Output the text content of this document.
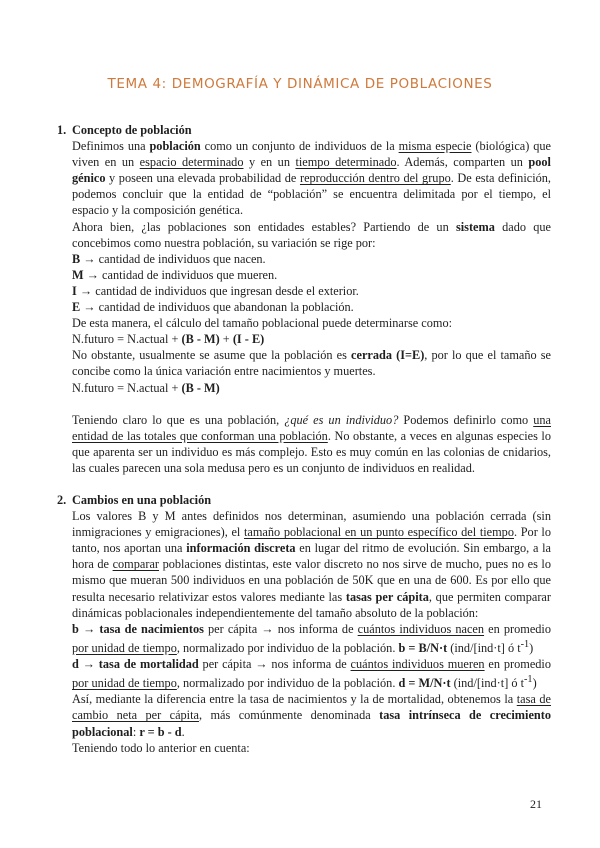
TEMA 4: DEMOGRAFÍA Y DINÁMICA DE POBLACIONES
1. Concepto de población

Definimos una población como un conjunto de individuos de la misma especie (biológica) que viven en un espacio determinado y en un tiempo determinado. Además, comparten un pool génico y poseen una elevada probabilidad de reproducción dentro del grupo. De esta definición, podemos concluir que la entidad de “población” se encuentra delimitada por el tiempo, el espacio y la composición genética.

Ahora bien, ¿las poblaciones son entidades estables? Partiendo de un sistema dado que concebimos como nuestra población, su variación se rige por:

B → cantidad de individuos que nacen.

M → cantidad de individuos que mueren.

I → cantidad de individuos que ingresan desde el exterior.

E → cantidad de individuos que abandonan la población.

De esta manera, el cálculo del tamaño poblacional puede determinarse como:

N.futuro = N.actual + (B - M) + (I - E)

No obstante, usualmente se asume que la población es cerrada (I=E), por lo que el tamaño se concibe como la única variación entre nacimientos y muertes.

N.futuro = N.actual + (B - M)

Teniendo claro lo que es una población, ¿qué es un individuo? Podemos definirlo como una entidad de las totales que conforman una población. No obstante, a veces en algunas especies lo que aparenta ser un individuo es más complejo. Esto es muy común en las colonias de cnidarios, las cuales parecen una sola medusa pero es un conjunto de individuos en realidad.

2. Cambios en una población

Los valores B y M antes definidos nos determinan, asumiendo una población cerrada (sin inmigraciones y emigraciones), el tamaño poblacional en un punto específico del tiempo. Por lo tanto, nos aportan una información discreta en lugar del ritmo de evolución. Sin embargo, a la hora de comparar poblaciones distintas, este valor discreto no nos sirve de mucho, pues no es lo mismo que mueran 500 individuos en una población de 50K que en una de 600. Es por ello que resulta necesario relativizar estos valores mediante las tasas per cápita, que permiten comparar dinámicas poblacionales independientemente del tamaño absoluto de la población:

b → tasa de nacimientos per cápita → nos informa de cuántos individuos nacen en promedio por unidad de tiempo, normalizado por individuo de la población. b = B/N·t (ind/[ind·t] ó $t^{-1}$)

d → tasa de mortalidad per cápita → nos informa de cuántos individuos mueren en promedio por unidad de tiempo, normalizado por individuo de la población. d = M/N·t (ind/[ind·t] ó $t^{-1}$)

Así, mediante la diferencia entre la tasa de nacimientos y la de mortalidad, obtenemos la tasa de cambio neta per cápita, más comúnmente denominada tasa intrínseca de crecimiento poblacional: r = b - d.

Teniendo todo lo anterior en cuenta:

21
